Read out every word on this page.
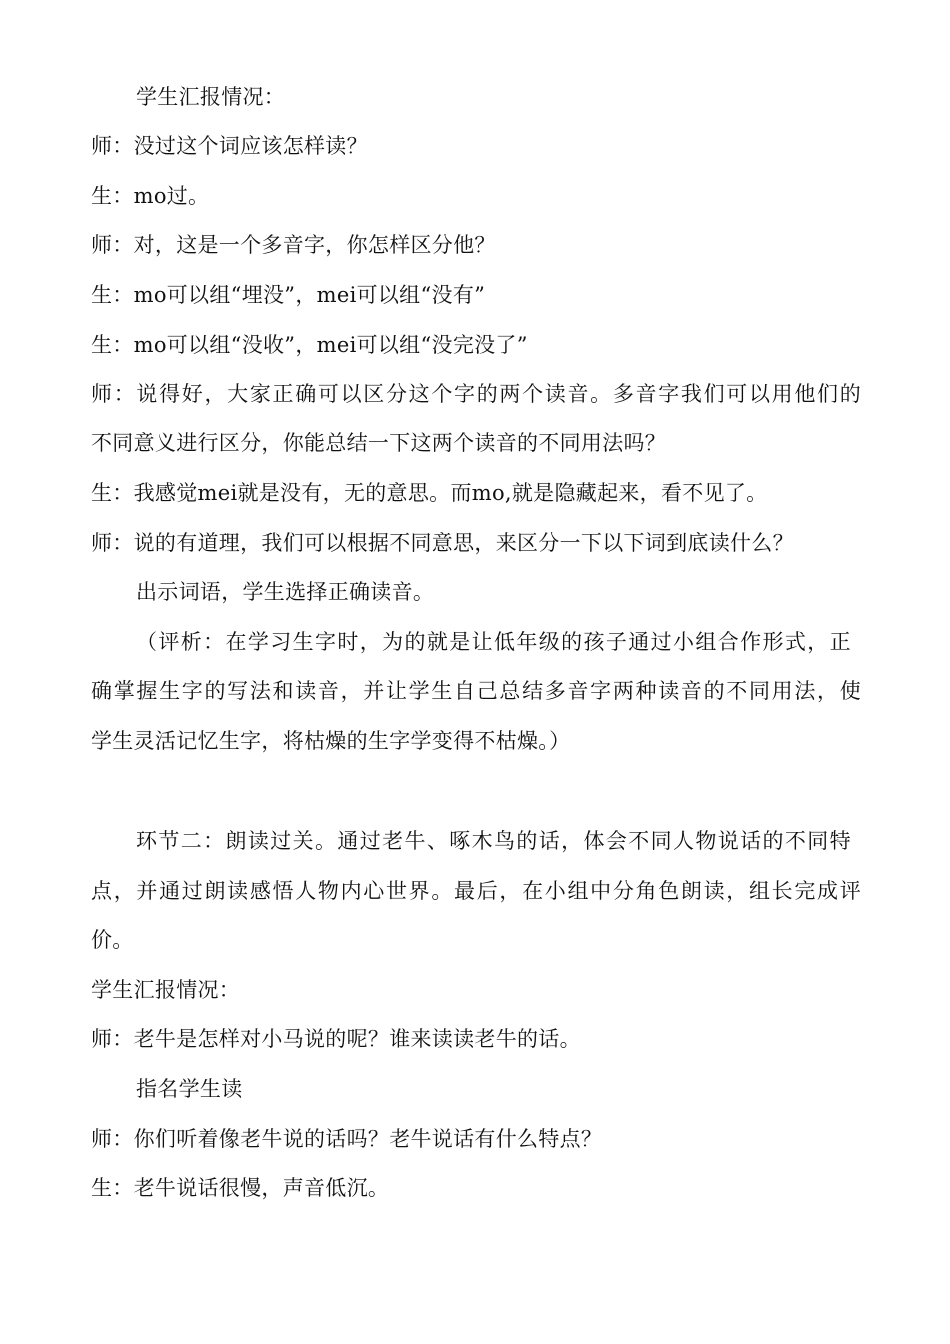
学生汇报情况：
师：没过这个词应该怎样读？
生：mo过。
师：对，这是一个多音字，你怎样区分他？
生：mo可以组“埋没”，mei可以组“没有”
生：mo可以组“没收”，mei可以组“没完没了”
师：说得好，大家正确可以区分这个字的两个读音。多音字我们可以用他们的
不同意义进行区分，你能总结一下这两个读音的不同用法吗？
生：我感觉mei就是没有，无的意思。而mo,就是隐藏起来，看不见了。
师：说的有道理，我们可以根据不同意思，来区分一下以下词到底读什么？
出示词语，学生选择正确读音。
（评析：在学习生字时，为的就是让低年级的孩子通过小组合作形式，正
确掌握生字的写法和读音，并让学生自己总结多音字两种读音的不同用法，使
学生灵活记忆生字，将枯燥的生字学变得不枯燥。）
环节二：朗读过关。通过老牛、啄木鸟的话，体会不同人物说话的不同特
点，并通过朗读感悟人物内心世界。最后，在小组中分角色朗读，组长完成评
价。
学生汇报情况：
师：老牛是怎样对小马说的呢？谁来读读老牛的话。
指名学生读
师：你们听着像老牛说的话吗？老牛说话有什么特点？
生：老牛说话很慢，声音低沉。
